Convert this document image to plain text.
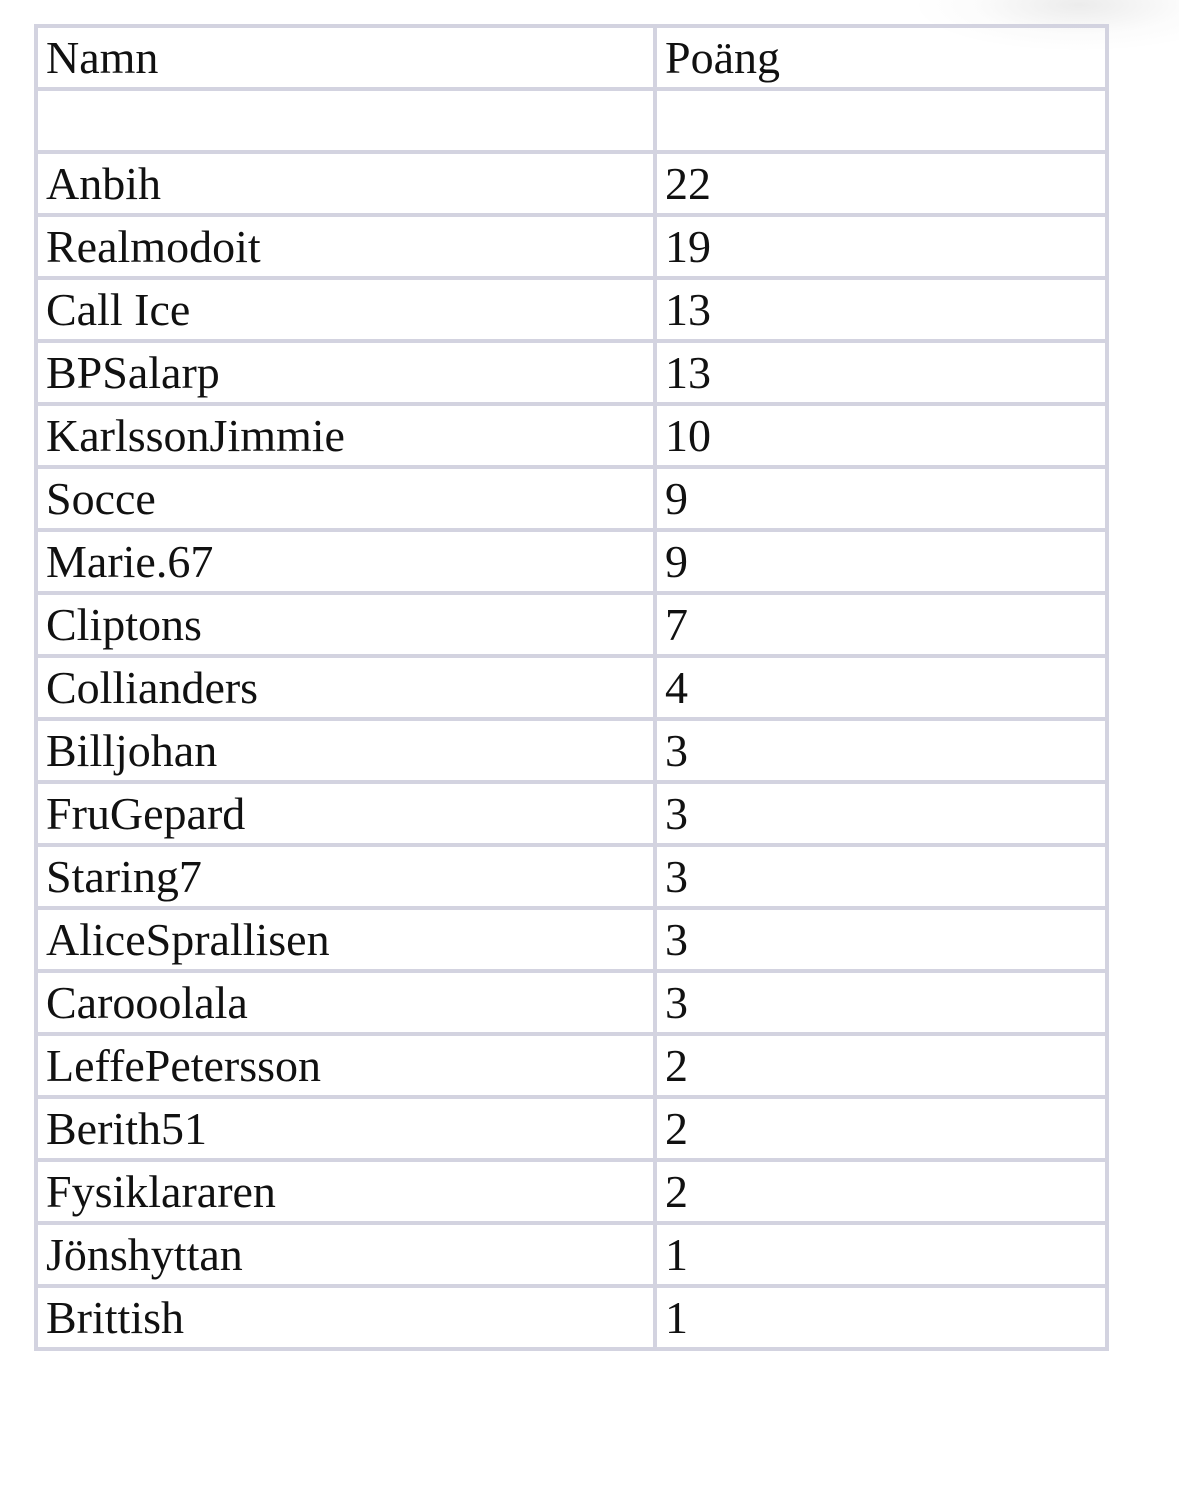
Namn	Poäng

Anbih	22
Realmodoit	19
Call Ice	13
BPSalarp	13
KarlssonJimmie	10
Socce	9
Marie.67	9
Cliptons	7
Collianders	4
Billjohan	3
FruGepard	3
Staring7	3
AliceSprallisen	3
Carooolala	3
LeffePetersson	2
Berith51	2
Fysiklararen	2
Jönshyttan	1
Brittish	1
